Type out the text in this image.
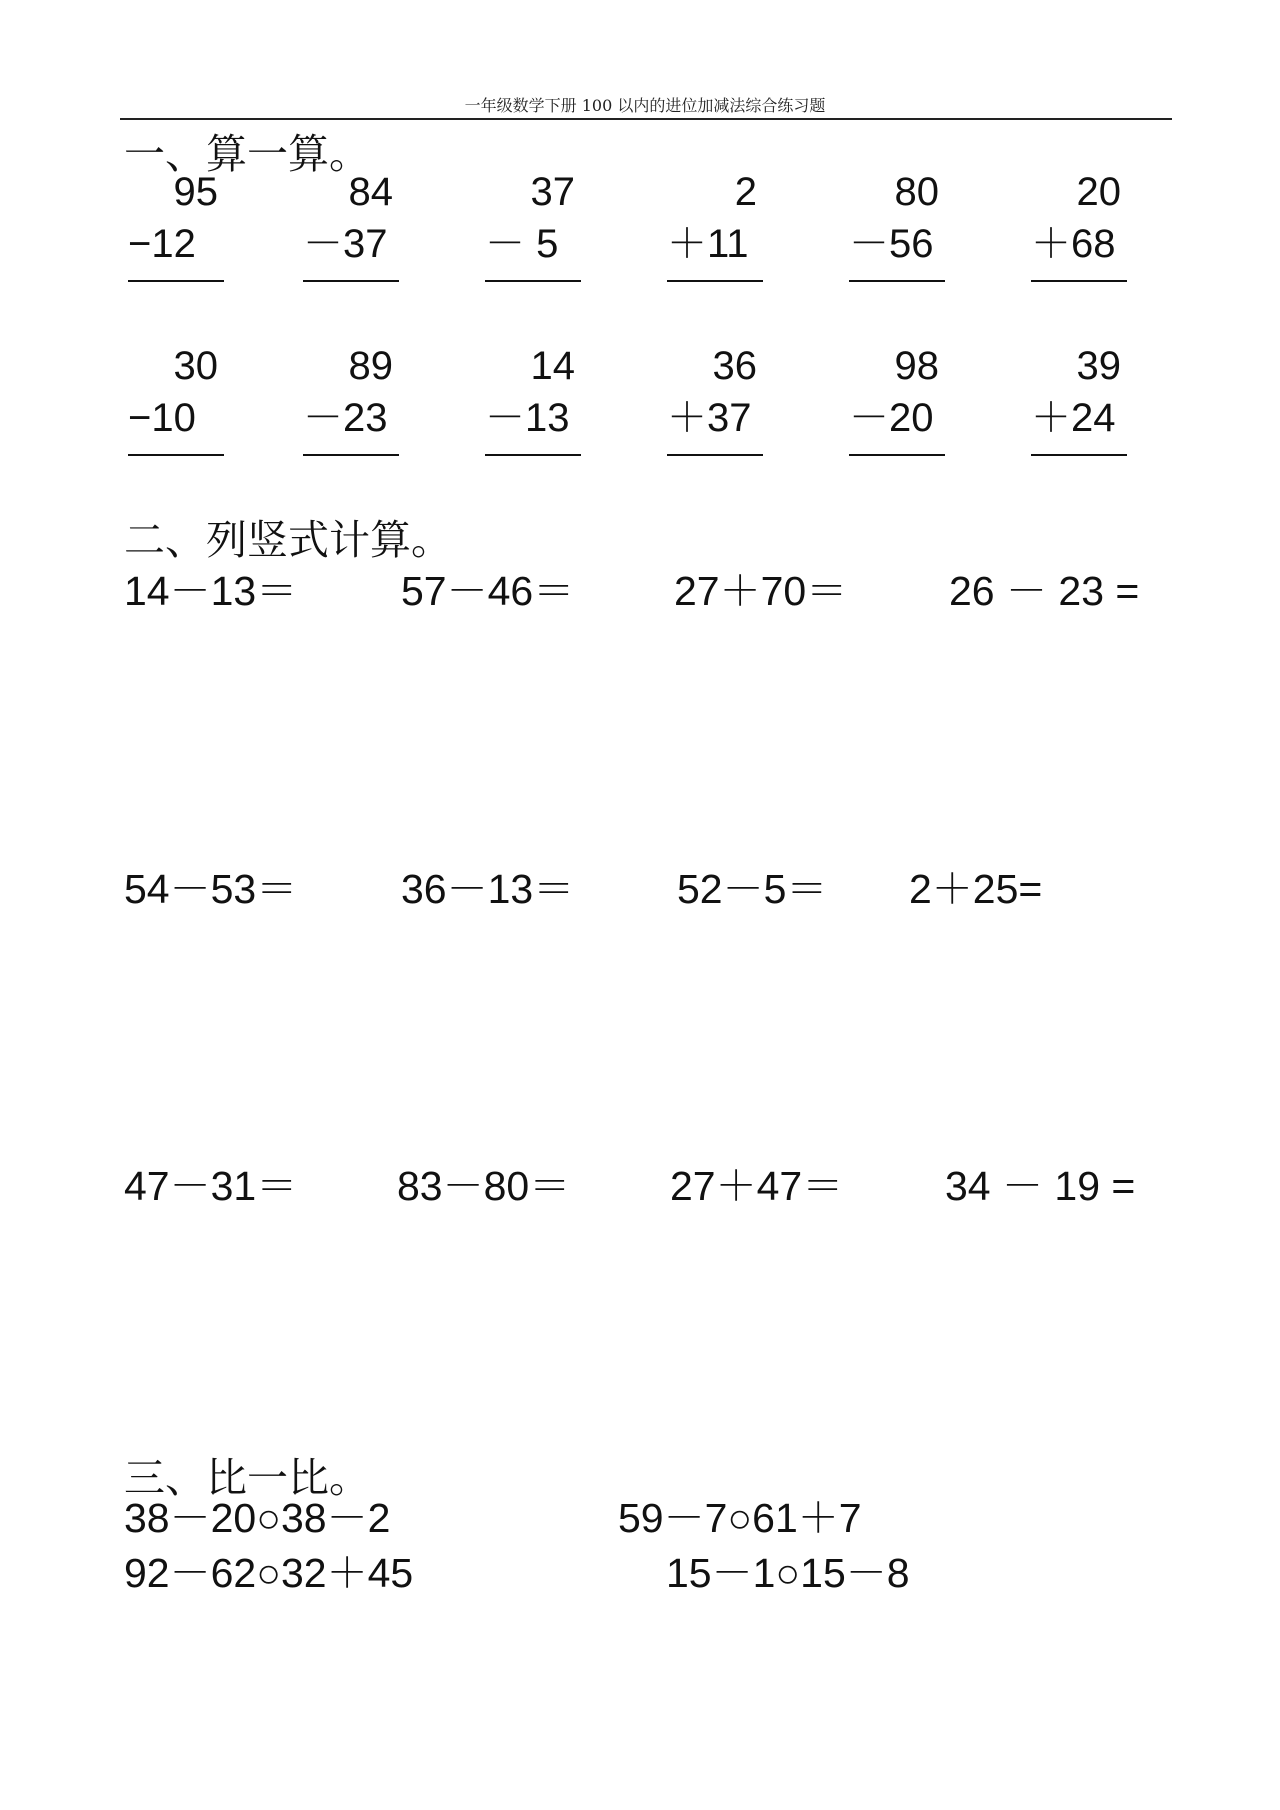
一年级数学下册 100 以内的进位加减法综合练习题
一、算一算。
95
−12
84
－37
37
－ 5
2
＋11
80
－56
20
＋68
30
−10
89
－23
14
－13
36
＋37
98
－20
39
＋24
二、列竖式计算。
14－13＝	57－46＝ 27＋70＝ 26 － 23 =
54－53＝	36－13＝	52－5＝ 2＋25=
47－31＝ 83－80＝ 27＋47＝ 34 － 19 =
三、比一比。
38－20○38－2	59－7○61＋7
92－62○32＋45	15－1○15－8
